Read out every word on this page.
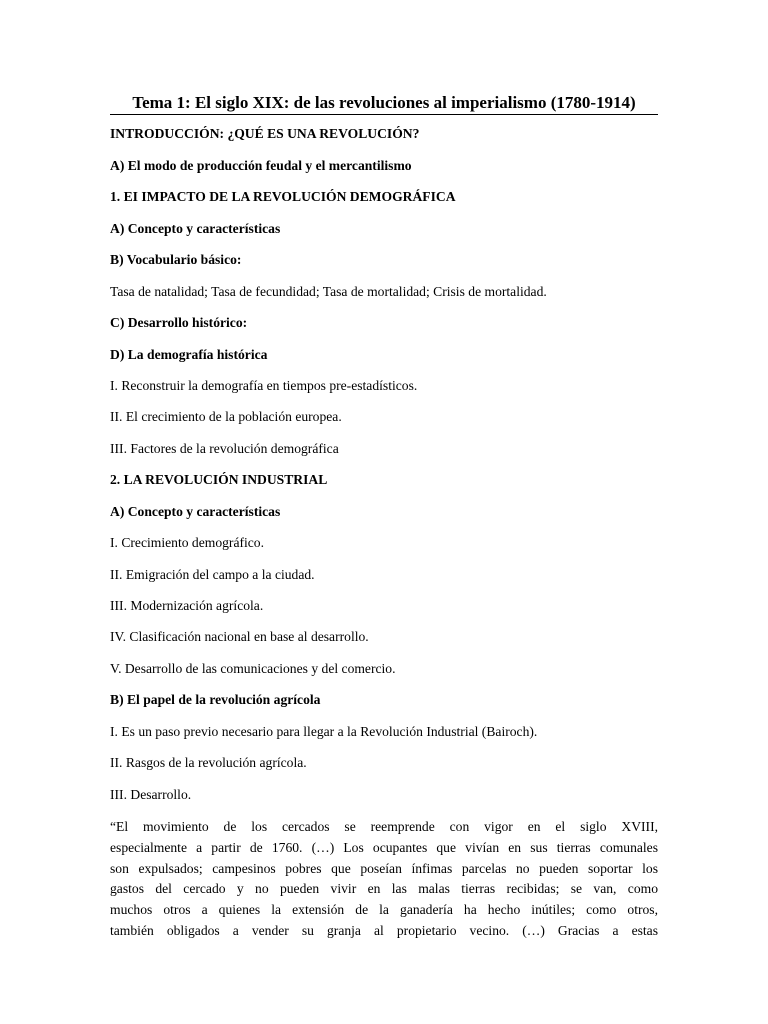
Tema 1: El siglo XIX: de las revoluciones al imperialismo (1780-1914)
INTRODUCCIÓN: ¿QUÉ ES UNA REVOLUCIÓN?
A) El modo de producción feudal y el mercantilismo
1. EI IMPACTO DE LA REVOLUCIÓN DEMOGRÁFICA
A) Concepto y características
B) Vocabulario básico:
Tasa de natalidad; Tasa de fecundidad; Tasa de mortalidad; Crisis de mortalidad.
C) Desarrollo histórico:
D) La demografía histórica
I. Reconstruir la demografía en tiempos pre-estadísticos.
II. El crecimiento de la población europea.
III. Factores de la revolución demográfica
2. LA REVOLUCIÓN INDUSTRIAL
A) Concepto y características
I. Crecimiento demográfico.
II. Emigración del campo a la ciudad.
III. Modernización agrícola.
IV. Clasificación nacional en base al desarrollo.
V. Desarrollo de las comunicaciones y del comercio.
B) El papel de la revolución agrícola
I. Es un paso previo necesario para llegar a la Revolución Industrial (Bairoch).
II. Rasgos de la revolución agrícola.
III. Desarrollo.
“El movimiento de los cercados se reemprende con vigor en el siglo XVIII,
especialmente a partir de 1760. (…) Los ocupantes que vivían en sus tierras comunales
son expulsados; campesinos pobres que poseían ínfimas parcelas no pueden soportar los
gastos del cercado y no pueden vivir en las malas tierras recibidas; se van, como
muchos otros a quienes la extensión de la ganadería ha hecho inútiles; como otros,
también obligados a vender su granja al propietario vecino. (…) Gracias a estas
